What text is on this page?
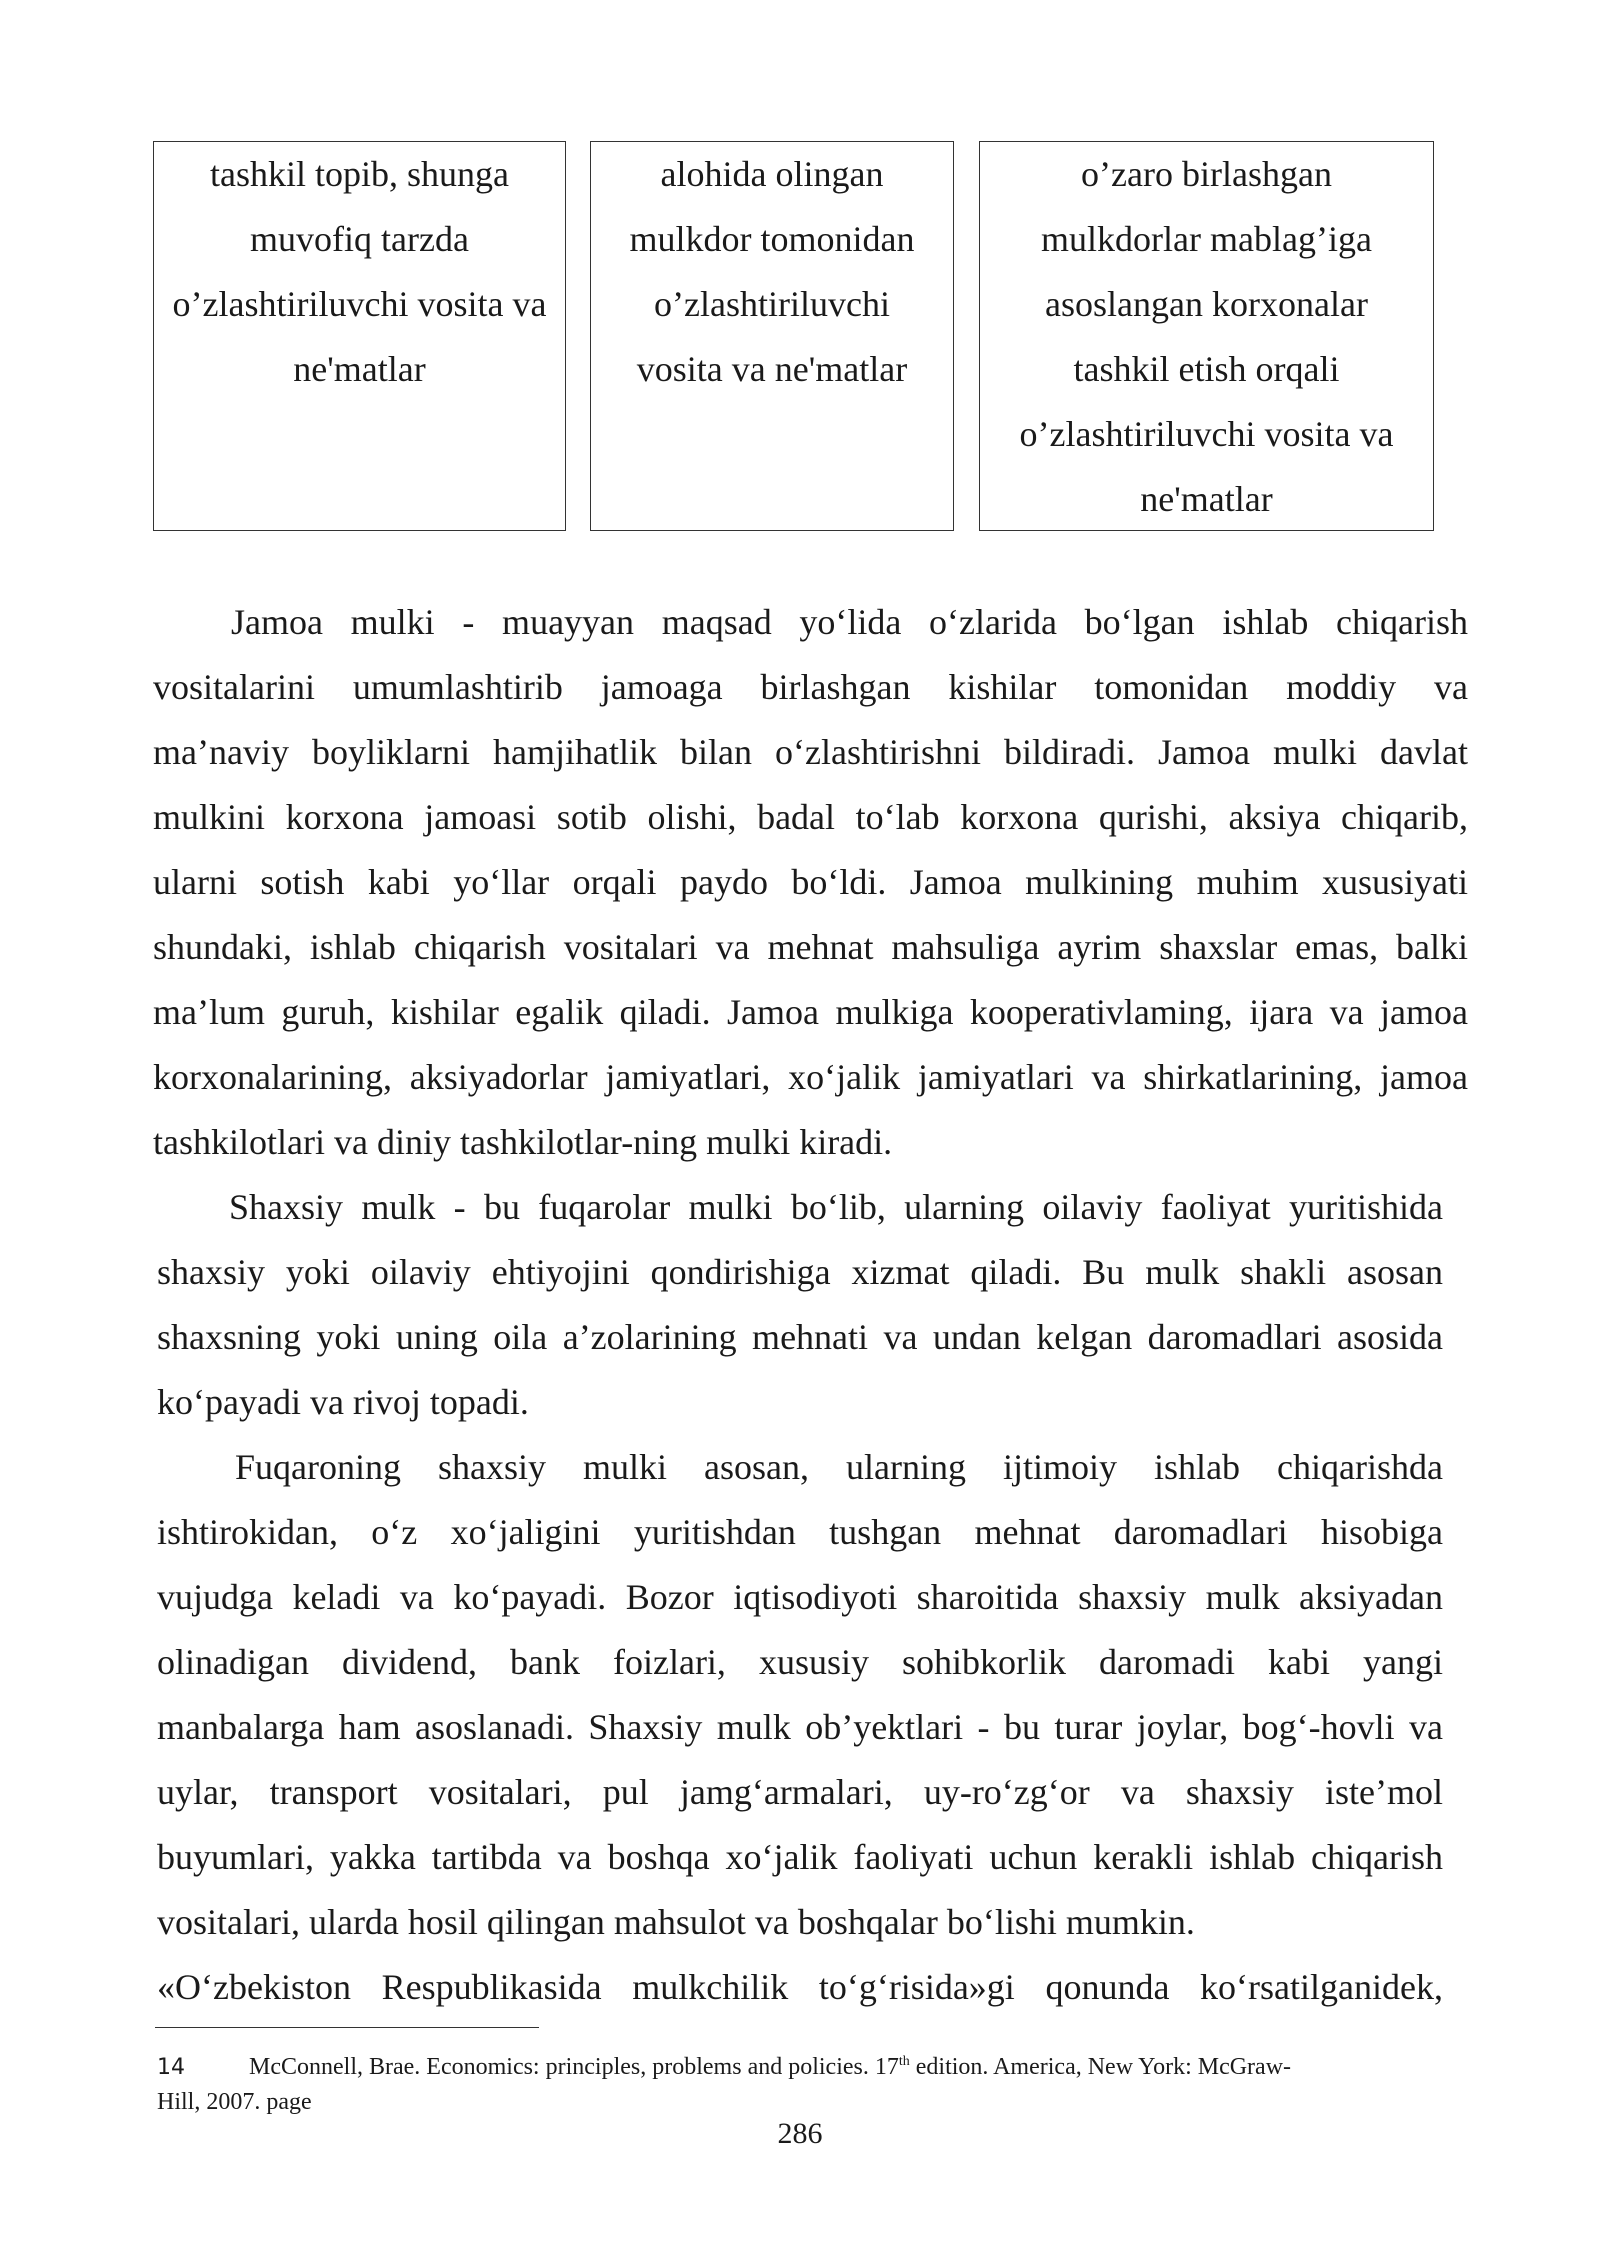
tashkil topib, shunga
muvofiq tarzda
o’zlashtiriluvchi vosita va
ne'matlar
alohida olingan
mulkdor tomonidan
o’zlashtiriluvchi
vosita va ne'matlar
o’zaro birlashgan
mulkdorlar mablag’iga
asoslangan korxonalar
tashkil etish orqali
o’zlashtiriluvchi vosita va
ne'matlar

Jamoa mulki - muayyan maqsad yo‘lida o‘zlarida bo‘lgan ishlab chiqarish
vositalarini umumlashtirib jamoaga birlashgan kishilar tomonidan moddiy va
ma’naviy boyliklarni hamjihatlik bilan o‘zlashtirishni bildiradi. Jamoa mulki davlat
mulkini korxona jamoasi sotib olishi, badal to‘lab korxona qurishi, aksiya chiqarib,
ularni sotish kabi yo‘llar orqali paydo bo‘ldi. Jamoa mulkining muhim xususiyati
shundaki, ishlab chiqarish vositalari va mehnat mahsuliga ayrim shaxslar emas, balki
ma’lum guruh, kishilar egalik qiladi. Jamoa mulkiga kooperativlaming, ijara va jamoa
korxonalarining, aksiyadorlar jamiyatlari, xo‘jalik jamiyatlari va shirkatlarining, jamoa
tashkilotlari va diniy tashkilotlar-ning mulki kiradi.

Shaxsiy mulk - bu fuqarolar mulki bo‘lib, ularning oilaviy faoliyat yuritishida
shaxsiy yoki oilaviy ehtiyojini qondirishiga xizmat qiladi. Bu mulk shakli asosan
shaxsning yoki uning oila a’zolarining mehnati va undan kelgan daromadlari asosida
ko‘payadi va rivoj topadi.

Fuqaroning shaxsiy mulki asosan, ularning ijtimoiy ishlab chiqarishda
ishtirokidan, o‘z xo‘jaligini yuritishdan tushgan mehnat daromadlari hisobiga
vujudga keladi va ko‘payadi. Bozor iqtisodiyoti sharoitida shaxsiy mulk aksiyadan
olinadigan dividend, bank foizlari, xususiy sohibkorlik daromadi kabi yangi
manbalarga ham asoslanadi. Shaxsiy mulk ob’yektlari - bu turar joylar, bog‘-hovli va
uylar, transport vositalari, pul jamg‘armalari, uy-ro‘zg‘or va shaxsiy iste’mol
buyumlari, yakka tartibda va boshqa xo‘jalik faoliyati uchun kerakli ishlab chiqarish
vositalari, ularda hosil qilingan mahsulot va boshqalar bo‘lishi mumkin.

«O‘zbekiston Respublikasida mulkchilik to‘g‘risida»gi qonunda ko‘rsatilganidek,

14	McConnell, Brae. Economics: principles, problems and policies. 17th edition. America, New York: McGraw-
Hill, 2007. page
286
